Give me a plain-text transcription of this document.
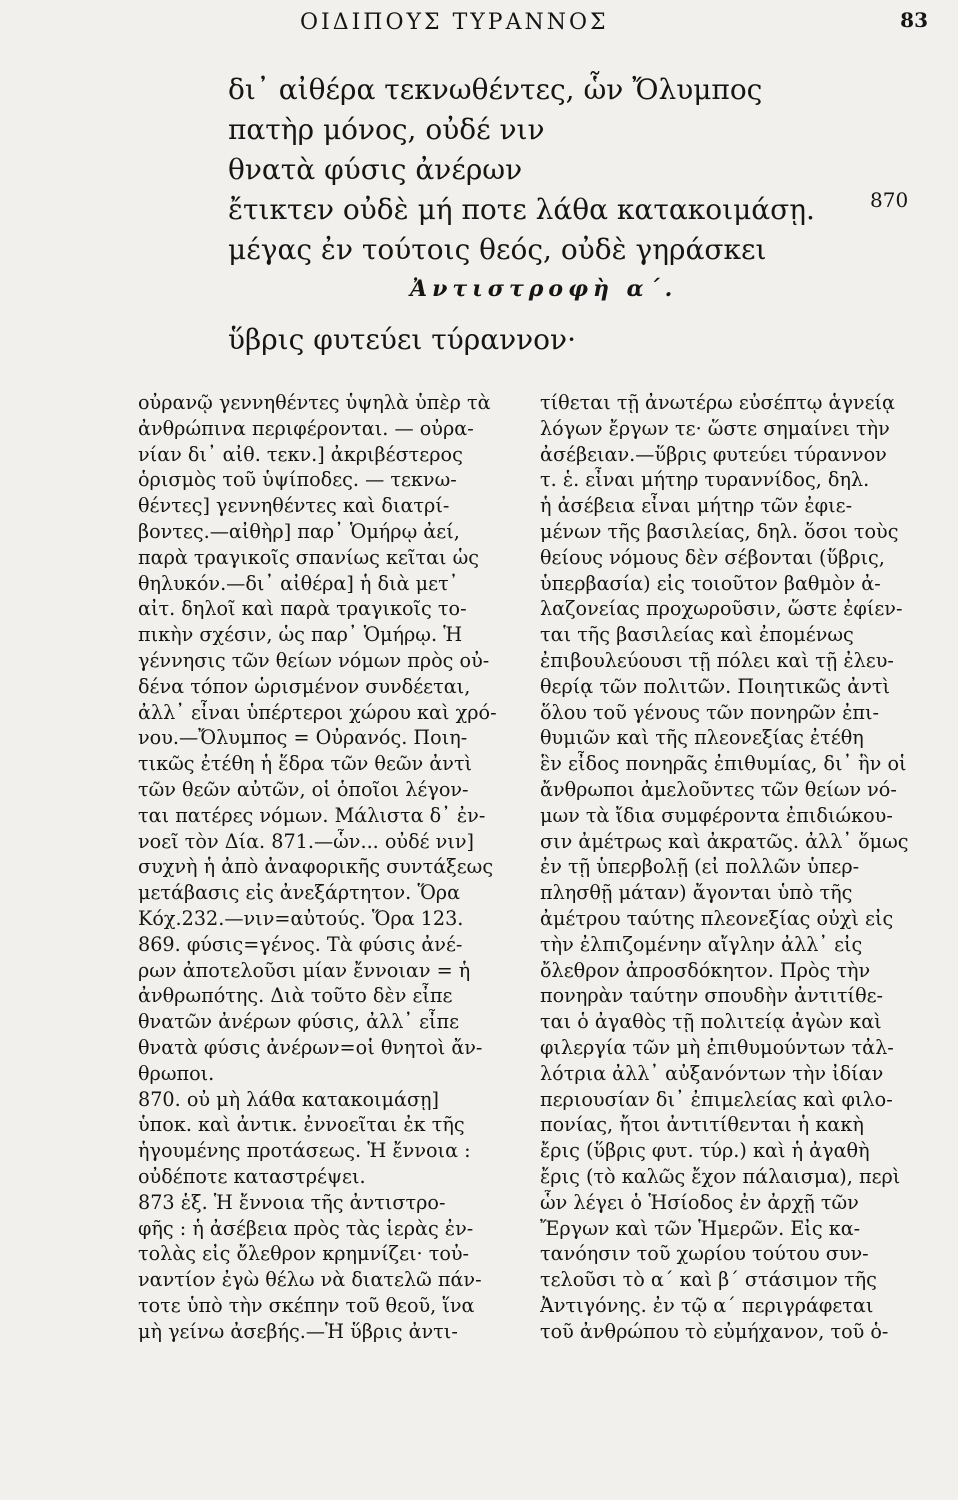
ΟΙΔΙΠΟΥΣ ΤΥΡΑΝΝΟΣ	83
δι᾽ αἰθέρα τεκνωθέντες, ὧν Ὄλυμπος
πατὴρ μόνος, οὐδέ νιν
θνατὰ φύσις ἀνέρων
ἔτικτεν οὐδὲ μή ποτε λάθα κατακοιμάσῃ.
μέγας ἐν τούτοις θεός, οὐδὲ γηράσκει
870
Ἀντιστροφὴ α΄.
ὕβρις φυτεύει τύραννον·
οὐρανῷ γεννηθέντες ὑψηλὰ ὑπὲρ τὰ
ἀνθρώπινα περιφέρονται. — οὐρα-
νίαν δι᾽ αἰθ. τεκν.] ἀκριβέστερος
ὁρισμὸς τοῦ ὑψίποδες. — τεκνω-
θέντες] γεννηθέντες καὶ διατρί-
βοντες.—αἰθὴρ] παρ᾽ Ὁμήρῳ ἀεί,
παρὰ τραγικοῖς σπανίως κεῖται ὡς
θηλυκόν.—δι᾽ αἰθέρα] ἡ διὰ μετ᾽
αἰτ. δηλοῖ καὶ παρὰ τραγικοῖς το-
πικὴν σχέσιν, ὡς παρ᾽ Ὁμήρῳ. Ἡ
γέννησις τῶν θείων νόμων πρὸς οὐ-
δένα τόπον ὡρισμένον συνδέεται,
ἀλλ᾽ εἶναι ὑπέρτεροι χώρου καὶ χρό-
νου.—Ὄλυμπος = Οὐρανός. Ποιη-
τικῶς ἐτέθη ἡ ἕδρα τῶν θεῶν ἀντὶ
τῶν θεῶν αὐτῶν, οἱ ὁποῖοι λέγον-
ται πατέρες νόμων. Μάλιστα δ᾽ ἐν-
νοεῖ τὸν Δία. 871.—ὧν... οὐδέ νιν]
συχνὴ ἡ ἀπὸ ἀναφορικῆς συντάξεως
μετάβασις εἰς ἀνεξάρτητον. Ὅρα
Κόχ.232.—νιν=αὐτούς. Ὅρα 123.
869. φύσις=γένος. Τὰ φύσις ἀνέ-
ρων ἀποτελοῦσι μίαν ἔννοιαν = ἡ
ἀνθρωπότης. Διὰ τοῦτο δὲν εἶπε
θνατῶν ἀνέρων φύσις, ἀλλ᾽ εἶπε
θνατὰ φύσις ἀνέρων=οἱ θνητοὶ ἄν-
θρωποι.
870. οὐ μὴ λάθα κατακοιμάσῃ]
ὑποκ. καὶ ἀντικ. ἐννοεῖται ἐκ τῆς
ἡγουμένης προτάσεως. Ἡ ἔννοια :
οὐδέποτε καταστρέψει.
873 ἑξ. Ἡ ἔννοια τῆς ἀντιστρο-
φῆς : ἡ ἀσέβεια πρὸς τὰς ἱερὰς ἐν-
τολὰς εἰς ὄλεθρον κρημνίζει· τοὐ-
ναντίον ἐγὼ θέλω νὰ διατελῶ πάν-
τοτε ὑπὸ τὴν σκέπην τοῦ θεοῦ, ἵνα
μὴ γείνω ἀσεβής.—Ἡ ὕβρις ἀντι-
τίθεται τῇ ἀνωτέρω εὐσέπτῳ ἁγνείᾳ
λόγων ἔργων τε· ὥστε σημαίνει τὴν
ἀσέβειαν.—ὕβρις φυτεύει τύραννον
τ. ἑ. εἶναι μήτηρ τυραννίδος, δηλ.
ἡ ἀσέβεια εἶναι μήτηρ τῶν ἐφιε-
μένων τῆς βασιλείας, δηλ. ὅσοι τοὺς
θείους νόμους δὲν σέβονται (ὕβρις,
ὑπερβασία) εἰς τοιοῦτον βαθμὸν ἀ-
λαζονείας προχωροῦσιν, ὥστε ἐφίεν-
ται τῆς βασιλείας καὶ ἐπομένως
ἐπιβουλεύουσι τῇ πόλει καὶ τῇ ἐλευ-
θερίᾳ τῶν πολιτῶν. Ποιητικῶς ἀντὶ
ὅλου τοῦ γένους τῶν πονηρῶν ἐπι-
θυμιῶν καὶ τῆς πλεονεξίας ἐτέθη
ἓν εἶδος πονηρᾶς ἐπιθυμίας, δι᾽ ἣν οἱ
ἄνθρωποι ἀμελοῦντες τῶν θείων νό-
μων τὰ ἴδια συμφέροντα ἐπιδιώκου-
σιν ἀμέτρως καὶ ἀκρατῶς. ἀλλ᾽ ὅμως
ἐν τῇ ὑπερβολῇ (εἰ πολλῶν ὑπερ-
πλησθῇ μάταν) ἄγονται ὑπὸ τῆς
ἀμέτρου ταύτης πλεονεξίας οὐχὶ εἰς
τὴν ἐλπιζομένην αἴγλην ἀλλ᾽ εἰς
ὄλεθρον ἀπροσδόκητον. Πρὸς τὴν
πονηρὰν ταύτην σπουδὴν ἀντιτίθε-
ται ὁ ἀγαθὸς τῇ πολιτείᾳ ἀγὼν καὶ
φιλεργία τῶν μὴ ἐπιθυμούντων τἀλ-
λότρια ἀλλ᾽ αὐξανόντων τὴν ἰδίαν
περιουσίαν δι᾽ ἐπιμελείας καὶ φιλο-
πονίας, ἤτοι ἀντιτίθενται ἡ κακὴ
ἔρις (ὕβρις φυτ. τύρ.) καὶ ἡ ἀγαθὴ
ἔρις (τὸ καλῶς ἔχον πάλαισμα), περὶ
ὧν λέγει ὁ Ἡσίοδος ἐν ἀρχῇ τῶν
Ἔργων καὶ τῶν Ἡμερῶν. Εἰς κα-
τανόησιν τοῦ χωρίου τούτου συν-
τελοῦσι τὸ α΄ καὶ β΄ στάσιμον τῆς
Ἀντιγόνης. ἐν τῷ α΄ περιγράφεται
τοῦ ἀνθρώπου τὸ εὐμήχανον, τοῦ ὁ-
